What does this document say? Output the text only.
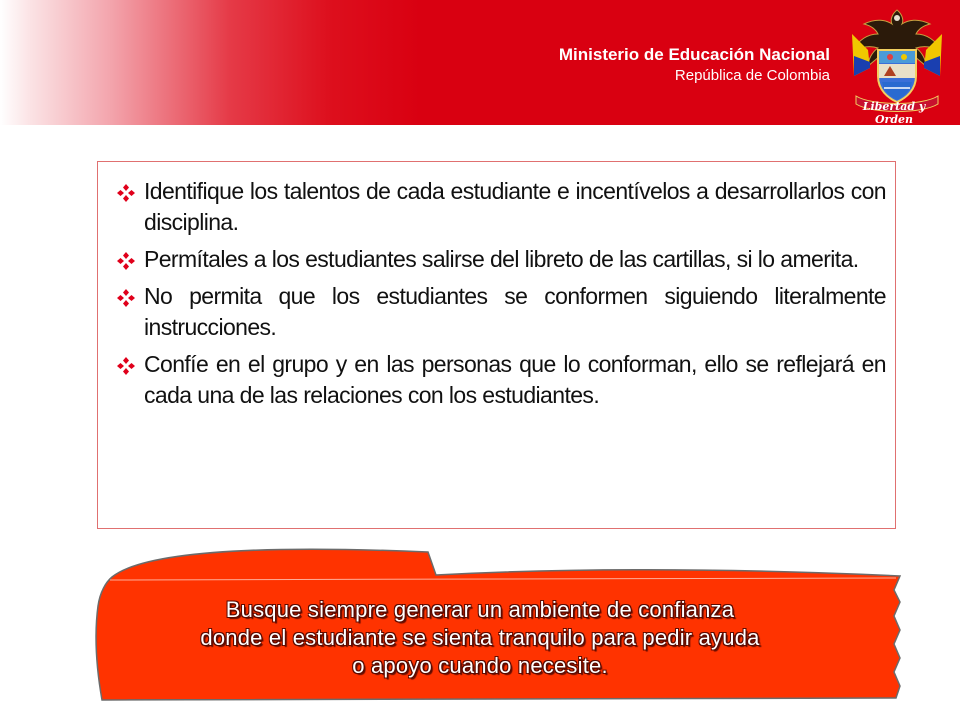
Ministerio de Educación Nacional
República de Colombia
Libertad y Orden
Identifique los talentos de cada estudiante e incentívelos a desarrollarlos con disciplina.
Permítales a los estudiantes salirse del libreto de las cartillas, si lo amerita.
No permita que los estudiantes se conformen siguiendo literalmente instrucciones.
Confíe en el grupo y en las personas que lo conforman, ello se reflejará en cada una de las relaciones con los estudiantes.
Busque siempre generar un ambiente de confianza
donde el estudiante se sienta tranquilo para pedir ayuda
o apoyo cuando necesite.
